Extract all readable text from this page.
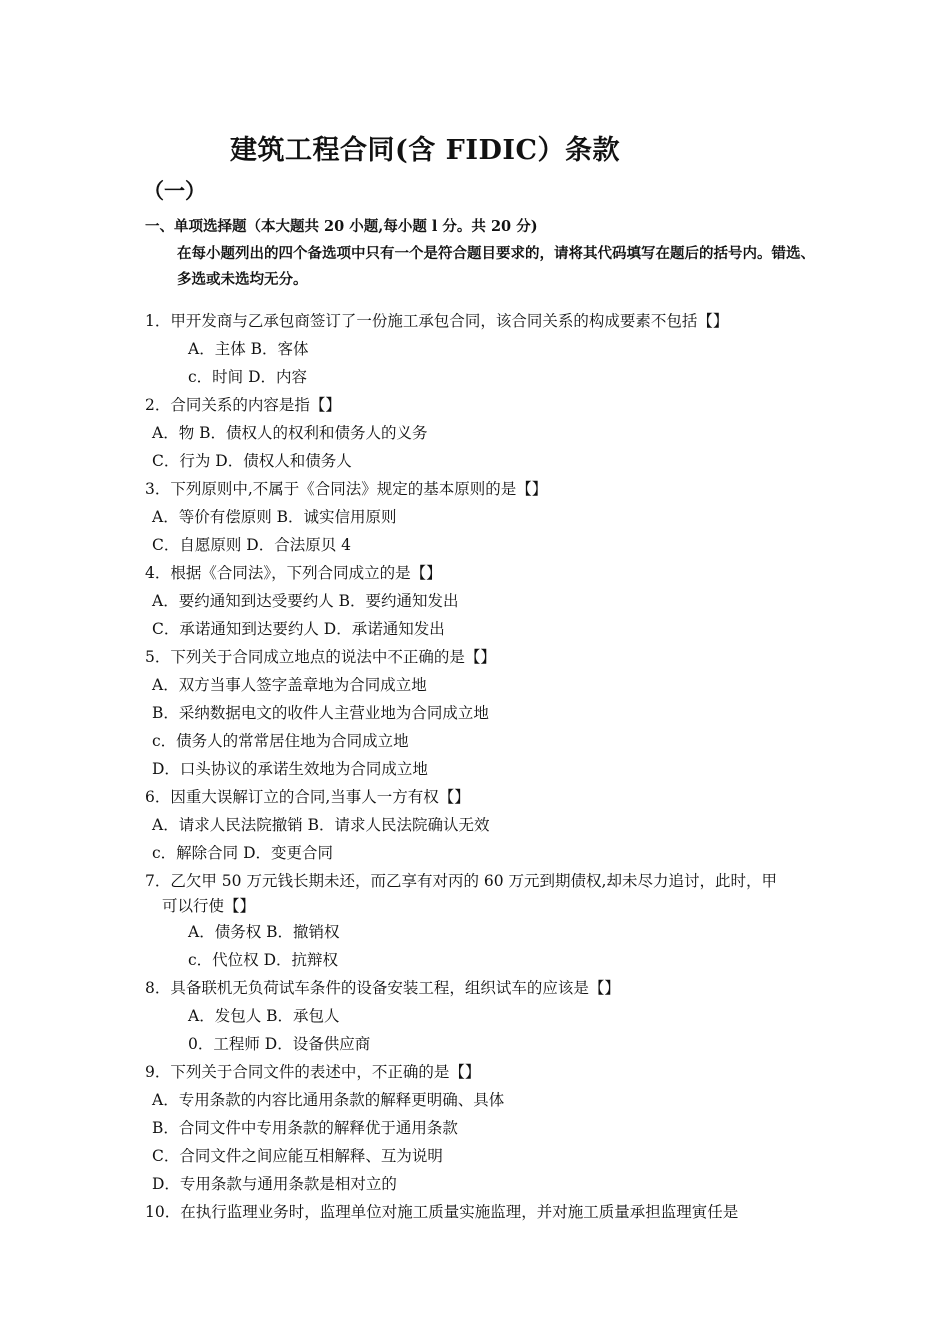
建筑工程合同(含 FIDIC）条款
（一）
一、单项选择题（本大题共 20 小题,每小题 l 分。共 20 分)
在每小题列出的四个备选项中只有一个是符合题目要求的，请将其代码填写在题后的括号内。错选、多选或未选均无分。
1．甲开发商与乙承包商签订了一份施工承包合同，该合同关系的构成要素不包括【】
A．主体 B．客体
c．时间 D．内容
2．合同关系的内容是指【】
A．物 B．债权人的权利和债务人的义务
C．行为 D．债权人和债务人
3．下列原则中,不属于《合同法》规定的基本原则的是【】
A．等价有偿原则 B．诚实信用原则
C．自愿原则 D．合法原贝 4
4．根据《合同法》，下列合同成立的是【】
A．要约通知到达受要约人 B．要约通知发出
C．承诺通知到达要约人 D．承诺通知发出
5．下列关于合同成立地点的说法中不正确的是【】
A．双方当事人签字盖章地为合同成立地
B．采纳数据电文的收件人主营业地为合同成立地
c．债务人的常常居住地为合同成立地
D．口头协议的承诺生效地为合同成立地
6．因重大误解订立的合同,当事人一方有权【】
A．请求人民法院撤销 B．请求人民法院确认无效
c．解除合同 D．变更合同
7．乙欠甲 50 万元钱长期未还，而乙享有对丙的 60 万元到期债权,却未尽力追讨，此时，甲
可以行使【】
A．债务权 B．撤销权
c．代位权 D．抗辩权
8．具备联机无负荷试车条件的设备安装工程，组织试车的应该是【】
A．发包人 B．承包人
0．工程师 D．设备供应商
9．下列关于合同文件的表述中，不正确的是【】
A．专用条款的内容比通用条款的解释更明确、具体
B．合同文件中专用条款的解释优于通用条款
C．合同文件之间应能互相解释、互为说明
D．专用条款与通用条款是相对立的
10．在执行监理业务时，监理单位对施工质量实施监理，并对施工质量承担监理寅任是
